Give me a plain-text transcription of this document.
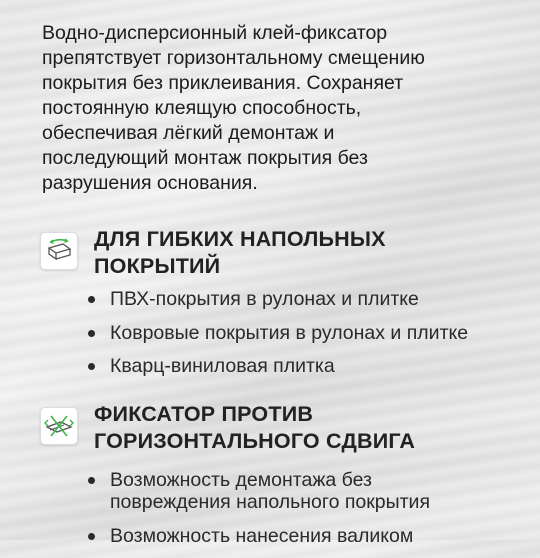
Водно-дисперсионный клей-фиксатор
препятствует горизонтальному смещению
покрытия без приклеивания. Сохраняет
постоянную клеящую способность,
обеспечивая лёгкий демонтаж и
последующий монтаж покрытия без
разрушения основания.
ДЛЯ ГИБКИХ НАПОЛЬНЫХ
ПОКРЫТИЙ
ПВХ-покрытия в рулонах и плитке
Ковровые покрытия в рулонах и плитке
Кварц-виниловая плитка
ФИКСАТОР ПРОТИВ
ГОРИЗОНТАЛЬНОГО СДВИГА
Возможность демонтажа без
повреждения напольного покрытия
Возможность нанесения валиком
